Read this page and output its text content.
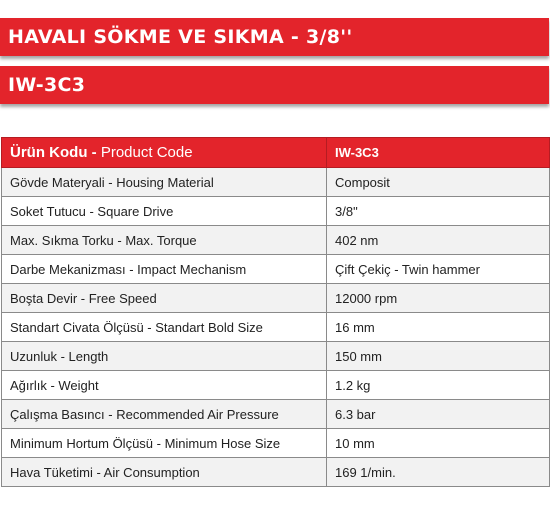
HAVALI SÖKME VE SIKMA - 3/8''
IW-3C3
Ürün Kodu - Product Code	IW-3C3
Gövde Materyali - Housing Material	Composit
Soket Tutucu - Square Drive	3/8"
Max. Sıkma Torku - Max. Torque	402 nm
Darbe Mekanizması - Impact Mechanism	Çift Çekiç - Twin hammer
Boşta Devir - Free Speed	12000 rpm
Standart Civata Ölçüsü - Standart Bold Size	16 mm
Uzunluk - Length	150 mm
Ağırlık - Weight	1.2 kg
Çalışma Basıncı - Recommended Air Pressure	6.3 bar
Minimum Hortum Ölçüsü - Minimum Hose Size	10 mm
Hava Tüketimi - Air Consumption	169 1/min.
